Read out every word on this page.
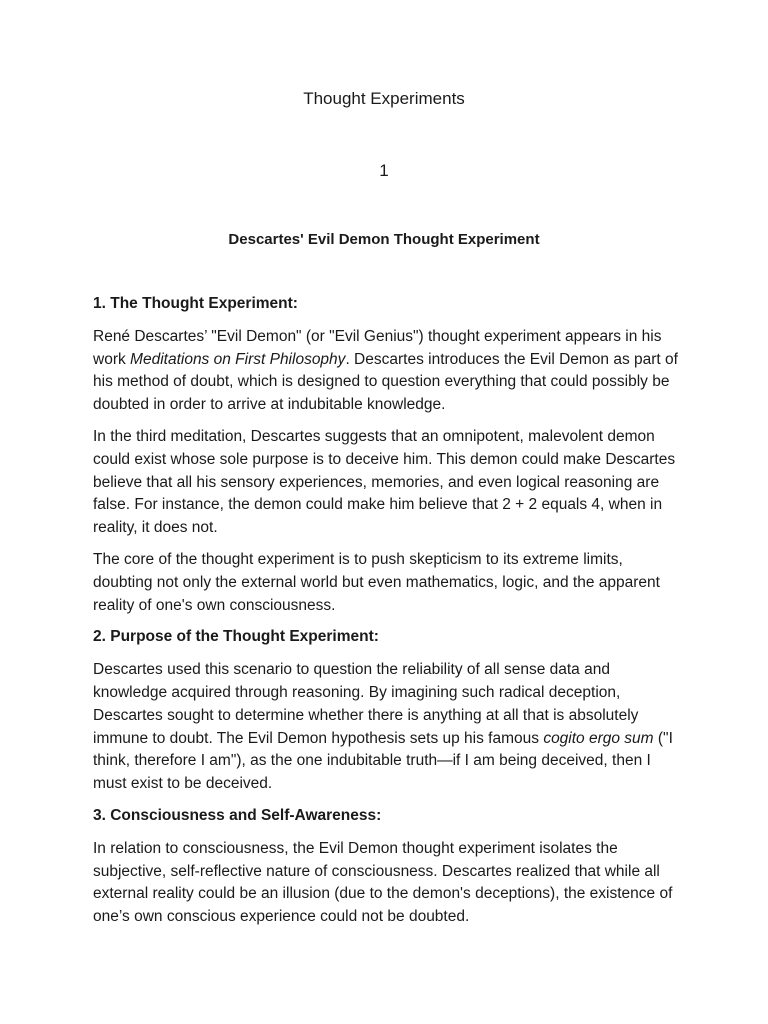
Thought Experiments
1
Descartes' Evil Demon Thought Experiment
1. The Thought Experiment:

René Descartes’ "Evil Demon" (or "Evil Genius") thought experiment appears in his work Meditations on First Philosophy. Descartes introduces the Evil Demon as part of his method of doubt, which is designed to question everything that could possibly be doubted in order to arrive at indubitable knowledge.

In the third meditation, Descartes suggests that an omnipotent, malevolent demon could exist whose sole purpose is to deceive him. This demon could make Descartes believe that all his sensory experiences, memories, and even logical reasoning are false. For instance, the demon could make him believe that 2 + 2 equals 4, when in reality, it does not.

The core of the thought experiment is to push skepticism to its extreme limits, doubting not only the external world but even mathematics, logic, and the apparent reality of one's own consciousness.

2. Purpose of the Thought Experiment:

Descartes used this scenario to question the reliability of all sense data and knowledge acquired through reasoning. By imagining such radical deception, Descartes sought to determine whether there is anything at all that is absolutely immune to doubt. The Evil Demon hypothesis sets up his famous cogito ergo sum ("I think, therefore I am"), as the one indubitable truth—if I am being deceived, then I must exist to be deceived.

3. Consciousness and Self-Awareness:

In relation to consciousness, the Evil Demon thought experiment isolates the subjective, self-reflective nature of consciousness. Descartes realized that while all external reality could be an illusion (due to the demon's deceptions), the existence of one’s own conscious experience could not be doubted.
